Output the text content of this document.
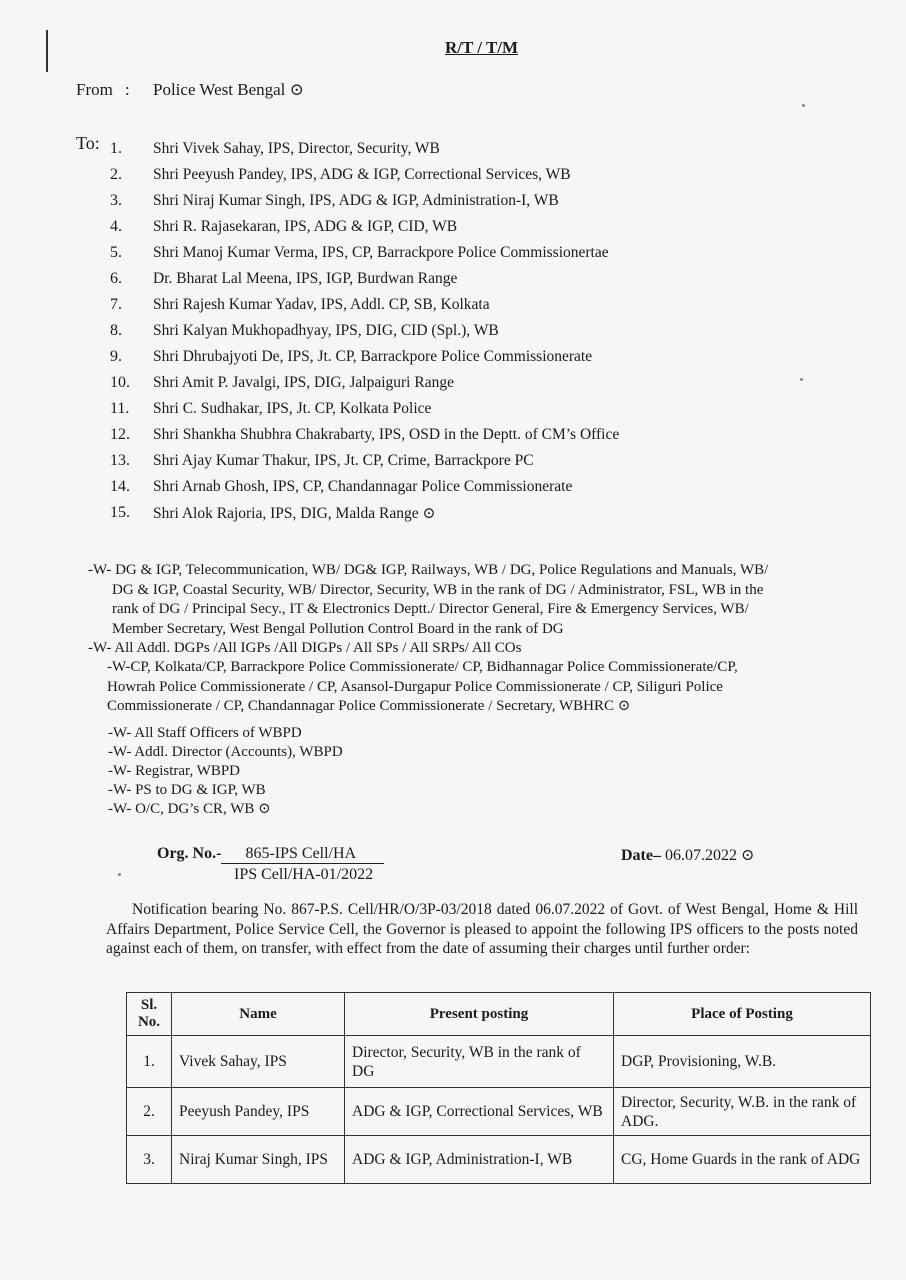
R/T / T/M
From : Police West Bengal ⊙
To: 1.	Shri Vivek Sahay, IPS, Director, Security, WB
2.	Shri Peeyush Pandey, IPS, ADG & IGP, Correctional Services, WB
3.	Shri Niraj Kumar Singh, IPS, ADG & IGP, Administration-I, WB
4.	Shri R. Rajasekaran, IPS, ADG & IGP, CID, WB
5.	Shri Manoj Kumar Verma, IPS, CP, Barrackpore Police Commissionertae
6.	Dr. Bharat Lal Meena, IPS, IGP, Burdwan Range
7.	Shri Rajesh Kumar Yadav, IPS, Addl. CP, SB, Kolkata
8.	Shri Kalyan Mukhopadhyay, IPS, DIG, CID (Spl.), WB
9.	Shri Dhrubajyoti De, IPS, Jt. CP, Barrackpore Police Commissionerate
10.	Shri Amit P. Javalgi, IPS, DIG, Jalpaiguri Range
11.	Shri C. Sudhakar, IPS, Jt. CP, Kolkata Police
12.	Shri Shankha Shubhra Chakrabarty, IPS, OSD in the Deptt. of CM’s Office
13.	Shri Ajay Kumar Thakur, IPS, Jt. CP, Crime, Barrackpore PC
14.	Shri Arnab Ghosh, IPS, CP, Chandannagar Police Commissionerate
15.	Shri Alok Rajoria, IPS, DIG, Malda Range ⊙
-W- DG & IGP, Telecommunication, WB/ DG& IGP, Railways, WB / DG, Police Regulations and Manuals, WB/
DG & IGP, Coastal Security, WB/ Director, Security, WB in the rank of DG / Administrator, FSL, WB in the
rank of DG / Principal Secy., IT & Electronics Deptt./ Director General, Fire & Emergency Services, WB/
Member Secretary, West Bengal Pollution Control Board in the rank of DG
-W- All Addl. DGPs /All IGPs /All DIGPs / All SPs / All SRPs/ All COs
-W-CP, Kolkata/CP, Barrackpore Police Commissionerate/ CP, Bidhannagar Police Commissionerate/CP,
Howrah Police Commissionerate / CP, Asansol-Durgapur Police Commissionerate / CP, Siliguri Police
Commissionerate / CP, Chandannagar Police Commissionerate / Secretary, WBHRC ⊙
-W- All Staff Officers of WBPD
-W- Addl. Director (Accounts), WBPD
-W- Registrar, WBPD
-W- PS to DG & IGP, WB
-W- O/C, DG’s CR, WB ⊙
Org. No.- 865-IPS Cell/HA
IPS Cell/HA-01/2022
Date– 06.07.2022 ⊙
Notification bearing No. 867-P.S. Cell/HR/O/3P-03/2018 dated 06.07.2022 of Govt. of West Bengal, Home & Hill Affairs Department, Police Service Cell, the Governor is pleased to appoint the following IPS officers to the posts noted against each of them, on transfer, with effect from the date of assuming their charges until further order:
Sl. No.	Name	Present posting	Place of Posting
1.	Vivek Sahay, IPS	Director, Security, WB in the rank of DG	DGP, Provisioning, W.B.
2.	Peeyush Pandey, IPS	ADG & IGP, Correctional Services, WB	Director, Security, W.B. in the rank of ADG.
3.	Niraj Kumar Singh, IPS	ADG & IGP, Administration-I, WB	CG, Home Guards in the rank of ADG
